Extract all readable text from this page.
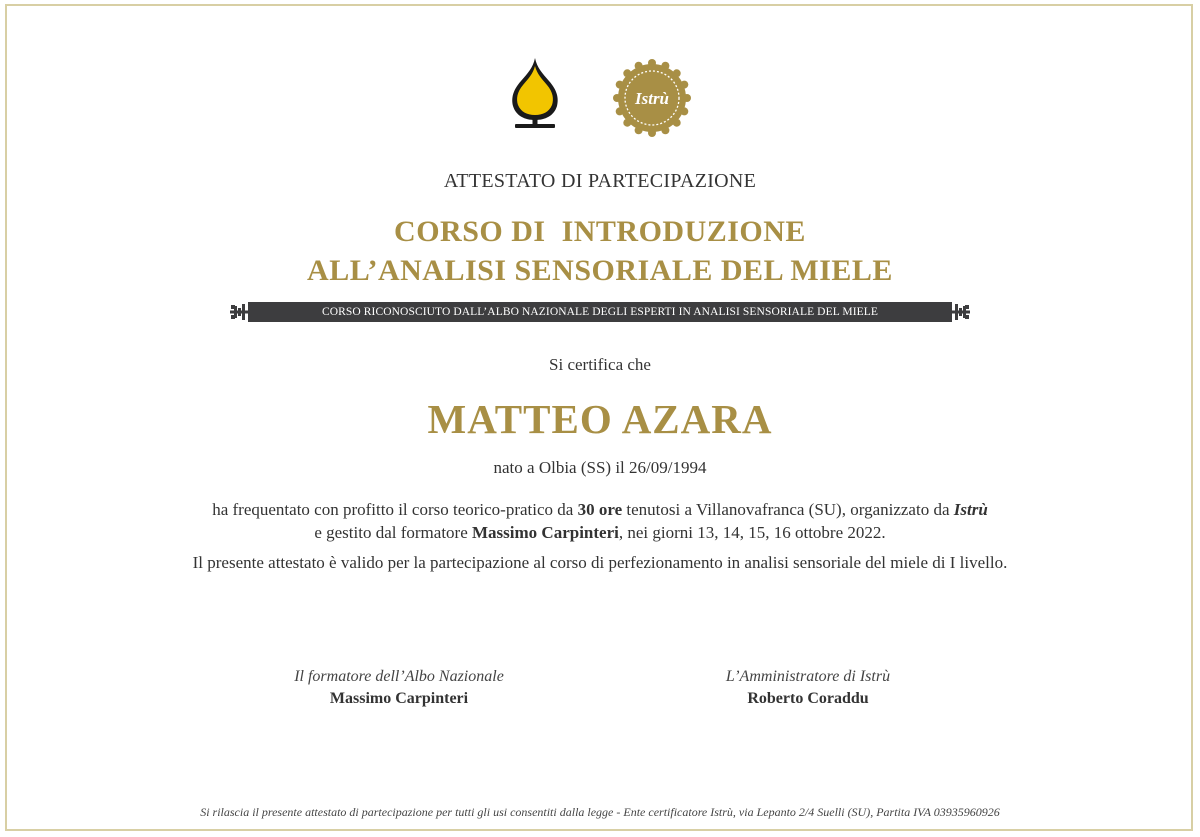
Istrù
ATTESTATO DI PARTECIPAZIONE
CORSO DI  INTRODUZIONE
ALL’ANALISI SENSORIALE DEL MIELE
CORSO RICONOSCIUTO DALL’ALBO NAZIONALE DEGLI ESPERTI IN ANALISI SENSORIALE DEL MIELE
Si certifica che
MATTEO AZARA
nato a Olbia (SS) il 26/09/1994
ha frequentato con profitto il corso teorico-pratico da 30 ore tenutosi a Villanovafranca (SU), organizzato da Istrù
e gestito dal formatore Massimo Carpinteri, nei giorni 13, 14, 15, 16 ottobre 2022.
Il presente attestato è valido per la partecipazione al corso di perfezionamento in analisi sensoriale del miele di I livello.
Il formatore dell’Albo Nazionale
Massimo Carpinteri
L’Amministratore di Istrù
Roberto Coraddu
Si rilascia il presente attestato di partecipazione per tutti gli usi consentiti dalla legge - Ente certificatore Istrù, via Lepanto 2/4 Suelli (SU), Partita IVA 03935960926
